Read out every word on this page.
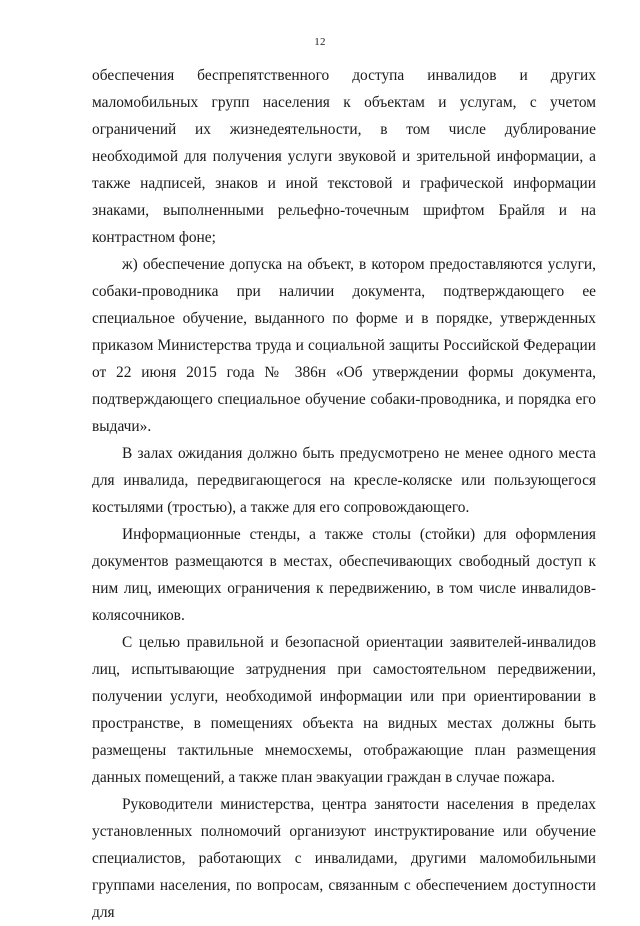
12

обеспечения беспрепятственного доступа инвалидов и других маломобильных групп населения к объектам и услугам, с учетом ограничений их жизнедеятельности, в том числе дублирование необходимой для получения услуги звуковой и зрительной информации, а также надписей, знаков и иной текстовой и графической информации знаками, выполненными рельефно-точечным шрифтом Брайля и на контрастном фоне;

ж) обеспечение допуска на объект, в котором предоставляются услуги, собаки-проводника при наличии документа, подтверждающего ее специальное обучение, выданного по форме и в порядке, утвержденных приказом Министерства труда и социальной защиты Российской Федерации от 22 июня 2015 года № 386н «Об утверждении формы документа, подтверждающего специальное обучение собаки-проводника, и порядка его выдачи».

В залах ожидания должно быть предусмотрено не менее одного места для инвалида, передвигающегося на кресле-коляске или пользующегося костылями (тростью), а также для его сопровождающего.

Информационные стенды, а также столы (стойки) для оформления документов размещаются в местах, обеспечивающих свободный доступ к ним лиц, имеющих ограничения к передвижению, в том числе инвалидов-колясочников.

С целью правильной и безопасной ориентации заявителей-инвалидов лиц, испытывающие затруднения при самостоятельном передвижении, получении услуги, необходимой информации или при ориентировании в пространстве, в помещениях объекта на видных местах должны быть размещены тактильные мнемосхемы, отображающие план размещения данных помещений, а также план эвакуации граждан в случае пожара.

Руководители министерства, центра занятости населения в пределах установленных полномочий организуют инструктирование или обучение специалистов, работающих с инвалидами, другими маломобильными группами населения, по вопросам, связанным с обеспечением доступности для
